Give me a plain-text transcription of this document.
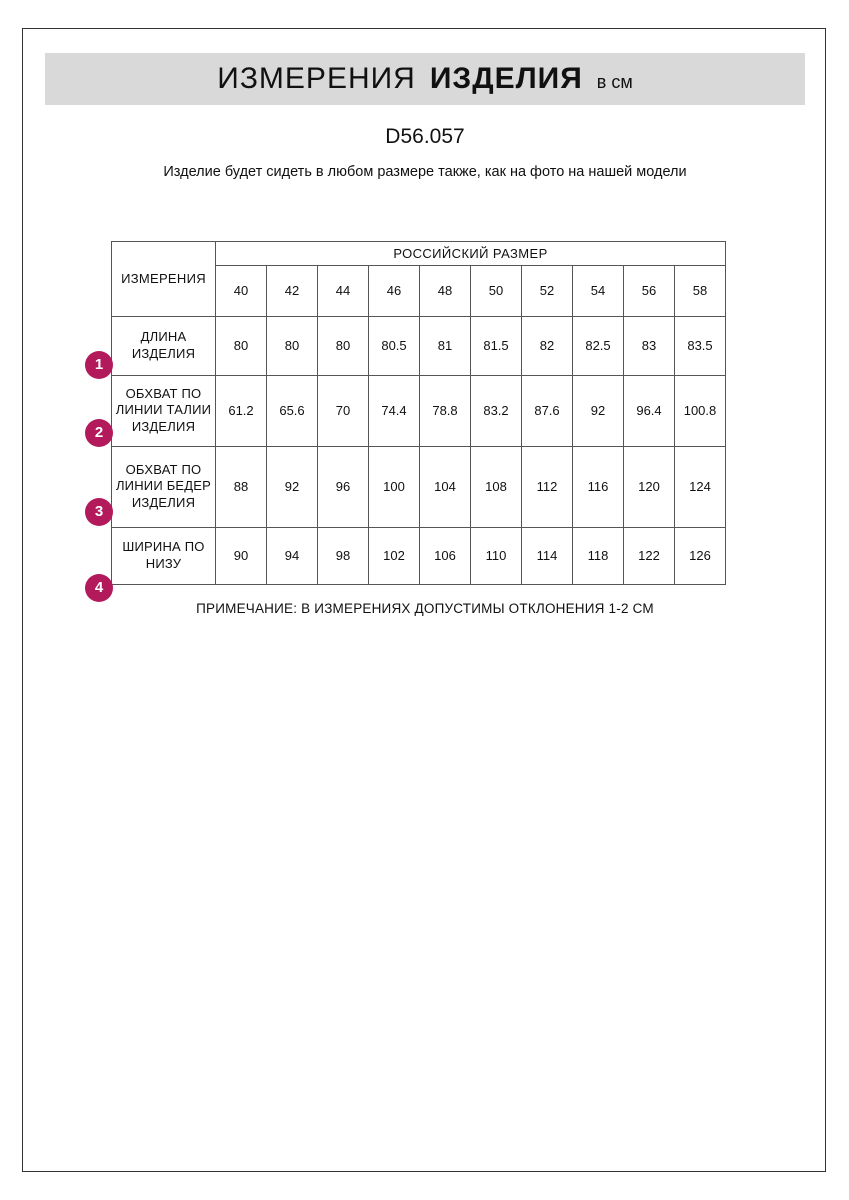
ИЗМЕРЕНИЯ ИЗДЕЛИЯ в см
D56.057
Изделие будет сидеть в любом размере также, как на фото на нашей модели
1
2
3
4
ИЗМЕРЕНИЯ	РОССИЙСКИЙ РАЗМЕР									
	40	42	44	46	48	50	52	54	56	58
ДЛИНА ИЗДЕЛИЯ	80	80	80	80.5	81	81.5	82	82.5	83	83.5
ОБХВАТ ПО ЛИНИИ ТАЛИИ ИЗДЕЛИЯ	61.2	65.6	70	74.4	78.8	83.2	87.6	92	96.4	100.8
ОБХВАТ ПО ЛИНИИ БЕДЕР ИЗДЕЛИЯ	88	92	96	100	104	108	112	116	120	124
ШИРИНА ПО НИЗУ	90	94	98	102	106	110	114	118	122	126
ПРИМЕЧАНИЕ: В ИЗМЕРЕНИЯХ ДОПУСТИМЫ ОТКЛОНЕНИЯ 1-2 СМ
